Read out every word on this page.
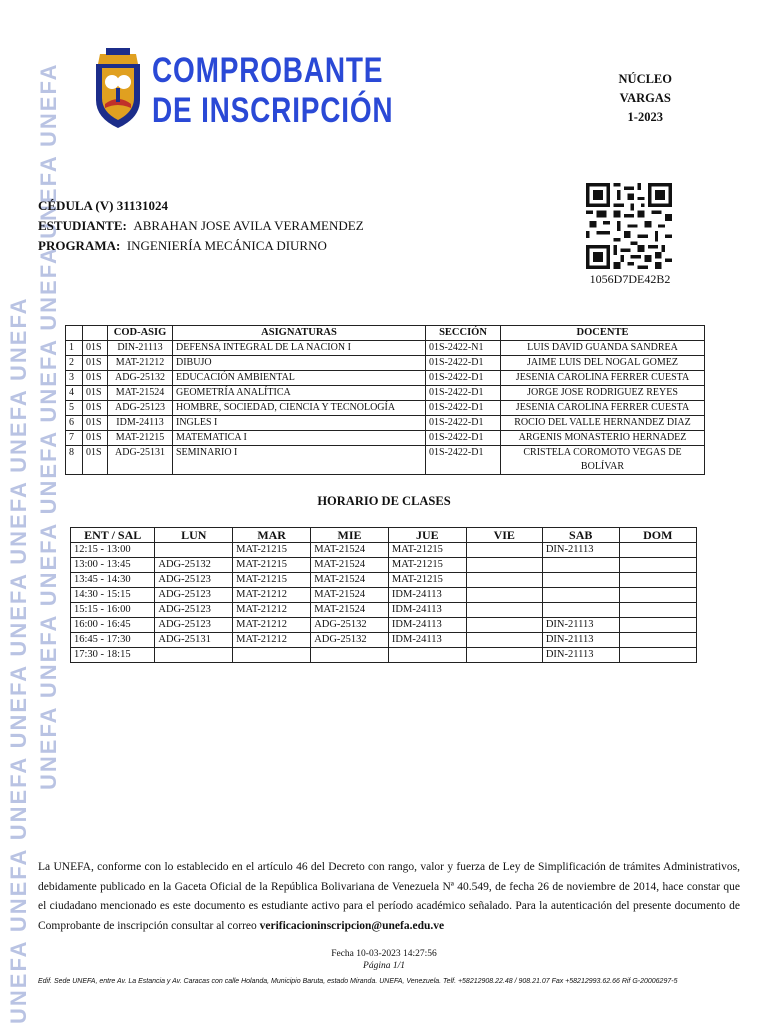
UNEFA UNEFA UNEFA UNEFA UNEFA UNEFA UNEFA UNEFA UNEFA UNEFA UNEFA UNEFA UNEFA UNEFA UNEFA UNEFA	COMPROBANTE
DE INSCRIPCIÓN
NÚCLEO
VARGAS
1-2023
CÉDULA (V) 31131024
ESTUDIANTE: ABRAHAN JOSE AVILA VERAMENDEZ
PROGRAMA: INGENIERÍA MECÁNICA DIURNO
1056D7DE42B2
		COD-ASIG	ASIGNATURAS	SECCIÓN	DOCENTE
1	01S	DIN-21113	DEFENSA INTEGRAL DE LA NACION I	01S-2422-N1	LUIS DAVID GUANDA SANDREA
2	01S	MAT-21212	DIBUJO	01S-2422-D1	JAIME LUIS DEL NOGAL GOMEZ
3	01S	ADG-25132	EDUCACIÓN AMBIENTAL	01S-2422-D1	JESENIA CAROLINA FERRER CUESTA
4	01S	MAT-21524	GEOMETRÍA ANALÍTICA	01S-2422-D1	JORGE JOSE RODRIGUEZ REYES
5	01S	ADG-25123	HOMBRE, SOCIEDAD, CIENCIA Y TECNOLOGÍA	01S-2422-D1	JESENIA CAROLINA FERRER CUESTA
6	01S	IDM-24113	INGLES I	01S-2422-D1	ROCIO DEL VALLE HERNANDEZ DIAZ
7	01S	MAT-21215	MATEMATICA I	01S-2422-D1	ARGENIS MONASTERIO HERNADEZ
8	01S	ADG-25131	SEMINARIO I	01S-2422-D1	CRISTELA COROMOTO VEGAS DE BOLÍVAR
HORARIO DE CLASES
ENT / SAL	LUN	MAR	MIE	JUE	VIE	SAB	DOM
12:15 - 13:00		MAT-21215	MAT-21524	MAT-21215		DIN-21113	
13:00 - 13:45	ADG-25132	MAT-21215	MAT-21524	MAT-21215			
13:45 - 14:30	ADG-25123	MAT-21215	MAT-21524	MAT-21215			
14:30 - 15:15	ADG-25123	MAT-21212	MAT-21524	IDM-24113			
15:15 - 16:00	ADG-25123	MAT-21212	MAT-21524	IDM-24113			
16:00 - 16:45	ADG-25123	MAT-21212	ADG-25132	IDM-24113		DIN-21113	
16:45 - 17:30	ADG-25131	MAT-21212	ADG-25132	IDM-24113		DIN-21113	
17:30 - 18:15						DIN-21113	
La UNEFA, conforme con lo establecido en el artículo 46 del Decreto con rango, valor y fuerza de Ley de Simplificación de trámites Administrativos, debidamente publicado en la Gaceta Oficial de la República Bolivariana de Venezuela Nª 40.549, de fecha 26 de noviembre de 2014, hace constar que el ciudadano mencionado es este documento es estudiante activo para el período académico señalado. Para la autenticación del presente documento de Comprobante de inscripción consultar al correo verificacioninscripcion@unefa.edu.ve
Fecha 10-03-2023 14:27:56
Página 1/1
Edif. Sede UNEFA, entre Av. La Estancia y Av. Caracas con calle Holanda, Municipio Baruta, estado Miranda. UNEFA, Venezuela. Telf. +58212908.22.48 / 908.21.07 Fax +58212993.62.66 Rif G-20006297-5
